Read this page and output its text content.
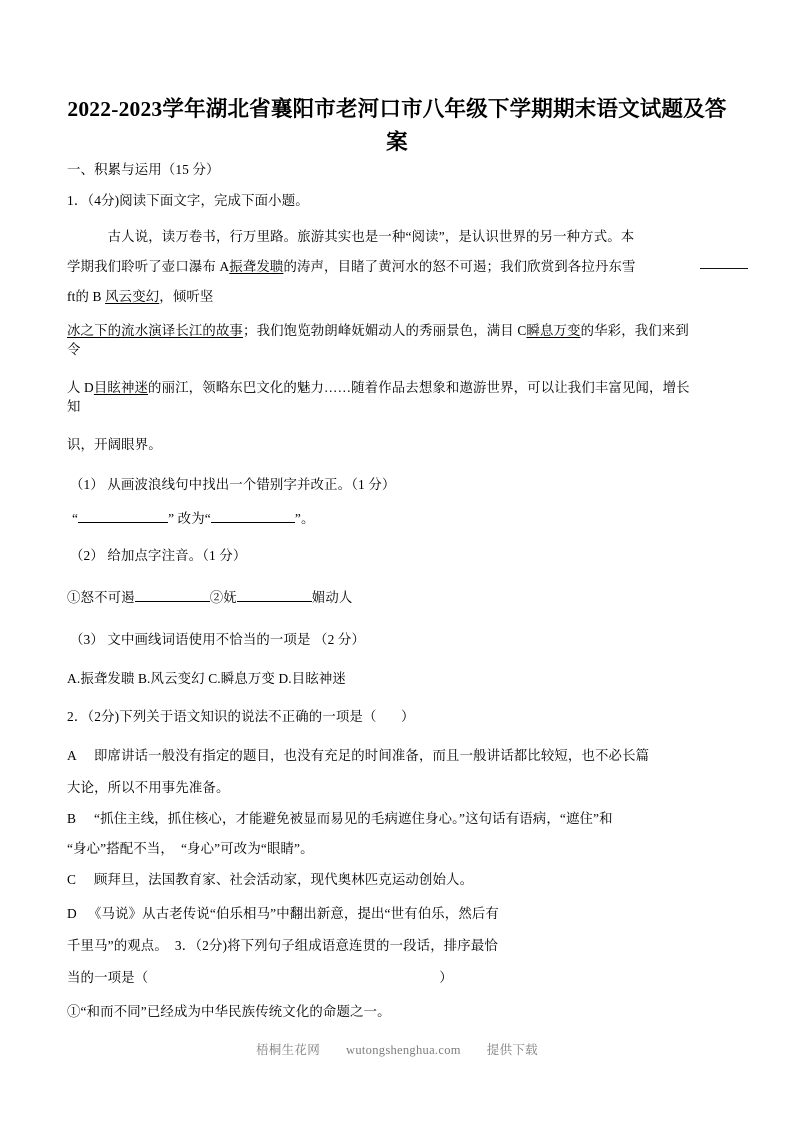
2022-2023学年湖北省襄阳市老河口市八年级下学期期末语文试题及答案
一、积累与运用（15 分）
1．（4分)阅读下面文字，完成下面小题。
　　　古人说，读万卷书，行万里路。旅游其实也是一种“阅读”，是认识世界的另一种方式。本
学期我们聆听了壶口瀑布 A振聋发聩的涛声，目睹了黄河水的怒不可遏；我们欣赏到各拉丹东雪
ft的 B 风云变幻，倾听坚
冰之下的流水演译长江的故事；我们饱览勃朗峰妩媚动人的秀丽景色，满目 C瞬息万变的华彩，我们来到
令
人 D目眩神迷的丽江，领略东巴文化的魅力……随着作品去想象和遨游世界，可以让我们丰富见闻，增长
知
识，开阔眼界。
（1） 从画波浪线句中找出一个错别字并改正。（1 分）
“	” 改为“	”。
（2） 给加点字注音。（1 分）
①怒不可遏	②妩	媚动人
（3） 文中画线词语使用不恰当的一项是 （2 分）
A.振聋发聩 B.风云变幻 C.瞬息万变 D.目眩神迷
2．（2分)下列关于语文知识的说法不正确的一项是（       ）
A	即席讲话一般没有指定的题目，也没有充足的时间准备，而且一般讲话都比较短，也不必长篇
大论，所以不用事先准备。
B	“抓住主线，抓住核心，才能避免被显而易见的毛病遮住身心。”这句话有语病，“遮住”和
“身心”搭配不当，  “身心”可改为“眼睛”。
C	顾拜旦，法国教育家、社会活动家，现代奥林匹克运动创始人。
D 《马说》从古老传说“伯乐相马”中翻出新意，提出“世有伯乐，然后有
千里马”的观点。  3．（2分)将下列句子组成语意连贯的一段话，排序最恰
当的一项是（	）
①“和而不同”已经成为中华民族传统文化的命题之一。
梧桐生花网 wutongshenghua.com 提供下载
